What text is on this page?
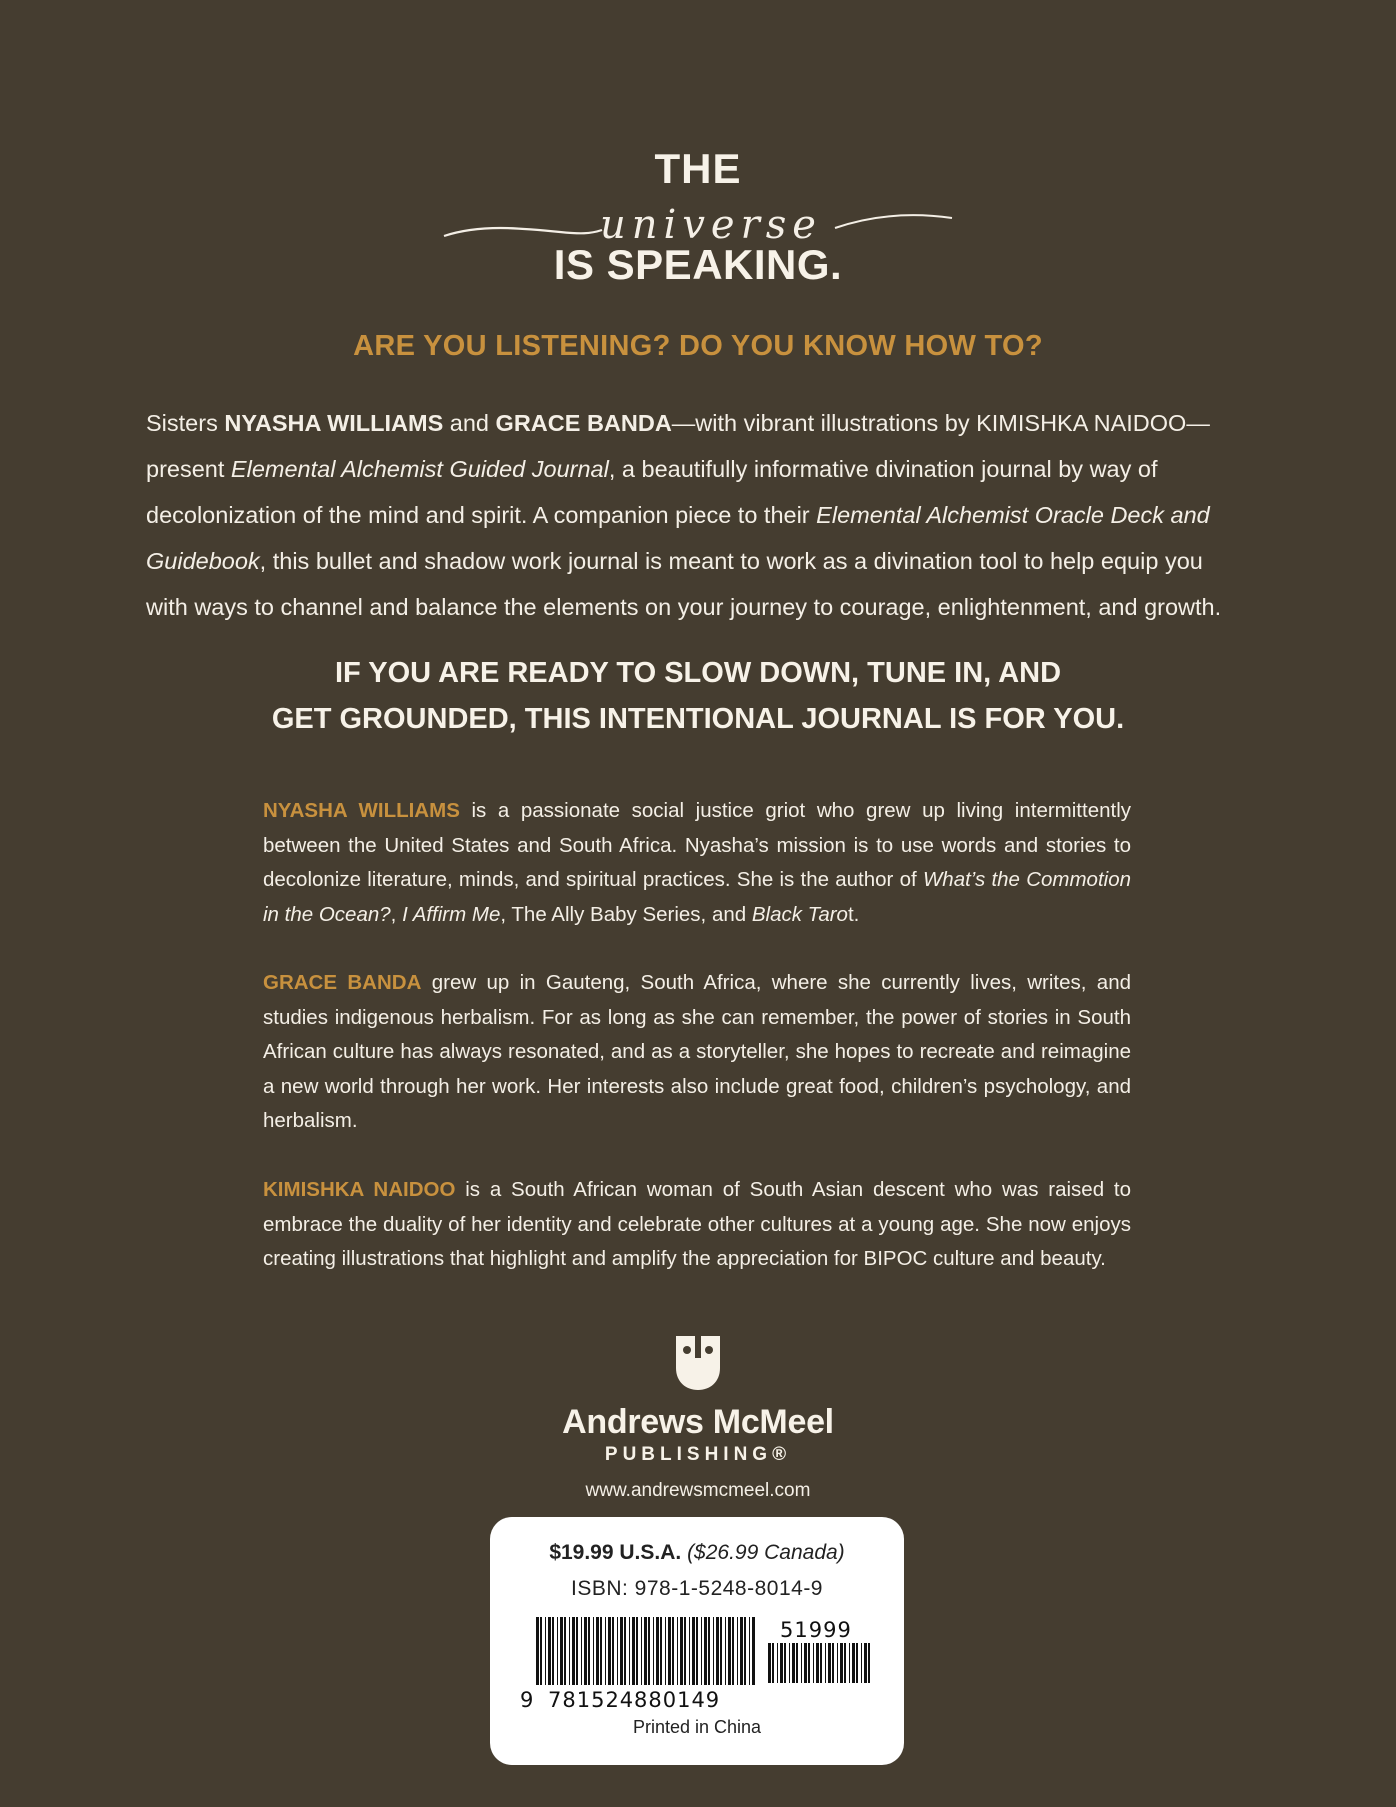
THE
universe
IS SPEAKING.
ARE YOU LISTENING? DO YOU KNOW HOW TO?
Sisters NYASHA WILLIAMS and GRACE BANDA—with vibrant illustrations by KIMISHKA NAIDOO—present Elemental Alchemist Guided Journal, a beautifully informative divination journal by way of decolonization of the mind and spirit. A companion piece to their Elemental Alchemist Oracle Deck and Guidebook, this bullet and shadow work journal is meant to work as a divination tool to help equip you with ways to channel and balance the elements on your journey to courage, enlightenment, and growth.
IF YOU ARE READY TO SLOW DOWN, TUNE IN, AND
GET GROUNDED, THIS INTENTIONAL JOURNAL IS FOR YOU.
NYASHA WILLIAMS is a passionate social justice griot who grew up living intermittently between the United States and South Africa. Nyasha’s mission is to use words and stories to decolonize literature, minds, and spiritual practices. She is the author of What’s the Commotion in the Ocean?, I Affirm Me, The Ally Baby Series, and Black Tarot.
GRACE BANDA grew up in Gauteng, South Africa, where she currently lives, writes, and studies indigenous herbalism. For as long as she can remember, the power of stories in South African culture has always resonated, and as a storyteller, she hopes to recreate and reimagine a new world through her work. Her interests also include great food, children’s psychology, and herbalism.
KIMISHKA NAIDOO is a South African woman of South Asian descent who was raised to embrace the duality of her identity and celebrate other cultures at a young age. She now enjoys creating illustrations that highlight and amplify the appreciation for BIPOC culture and beauty.
Andrews McMeel
PUBLISHING®
www.andrewsmcmeel.com
$19.99 U.S.A. ($26.99 Canada)
ISBN: 978-1-5248-8014-9
9 781524 880149
51999
Printed in China
